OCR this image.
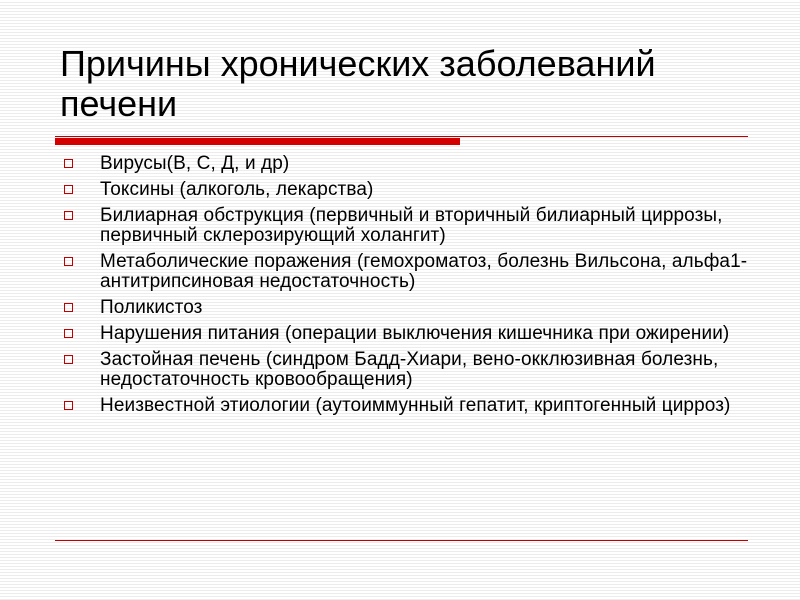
Причины хронических заболеваний печени
Вирусы(В, С, Д, и др)
Токсины (алкоголь, лекарства)
Билиарная обструкция (первичный и вторичный билиарный циррозы, первичный склерозирующий холангит)
Метаболические поражения (гемохроматоз, болезнь Вильсона, альфа1-антитрипсиновая недостаточность)
Поликистоз
Нарушения питания (операции выключения кишечника при ожирении)
Застойная печень (синдром Бадд-Хиари, вено-окклюзивная болезнь, недостаточность кровообращения)
Неизвестной этиологии (аутоиммунный гепатит, криптогенный цирроз)
